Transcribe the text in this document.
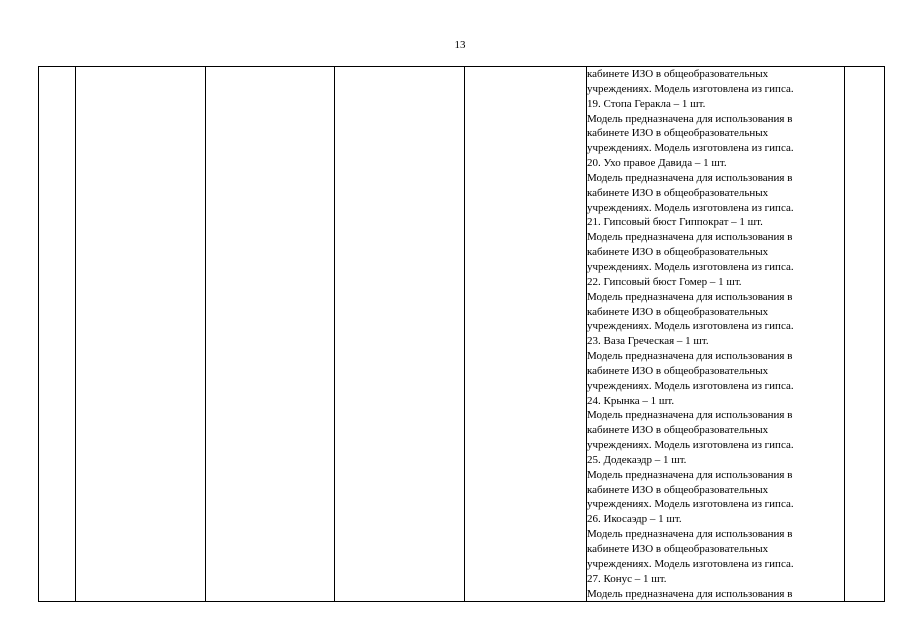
13

кабинете ИЗО в общеобразовательных
учреждениях. Модель изготовлена из гипса.
19. Стопа Геракла – 1 шт.
Модель предназначена для использования в
кабинете ИЗО в общеобразовательных
учреждениях. Модель изготовлена из гипса.
20. Ухо правое Давида – 1 шт.
Модель предназначена для использования в
кабинете ИЗО в общеобразовательных
учреждениях. Модель изготовлена из гипса.
21. Гипсовый бюст Гиппократ – 1 шт.
Модель предназначена для использования в
кабинете ИЗО в общеобразовательных
учреждениях. Модель изготовлена из гипса.
22. Гипсовый бюст Гомер – 1 шт.
Модель предназначена для использования в
кабинете ИЗО в общеобразовательных
учреждениях. Модель изготовлена из гипса.
23. Ваза Греческая – 1 шт.
Модель предназначена для использования в
кабинете ИЗО в общеобразовательных
учреждениях. Модель изготовлена из гипса.
24. Крынка – 1 шт.
Модель предназначена для использования в
кабинете ИЗО в общеобразовательных
учреждениях. Модель изготовлена из гипса.
25. Додекаэдр – 1 шт.
Модель предназначена для использования в
кабинете ИЗО в общеобразовательных
учреждениях. Модель изготовлена из гипса.
26. Икосаэдр – 1 шт.
Модель предназначена для использования в
кабинете ИЗО в общеобразовательных
учреждениях. Модель изготовлена из гипса.
27. Конус – 1 шт.
Модель предназначена для использования в
